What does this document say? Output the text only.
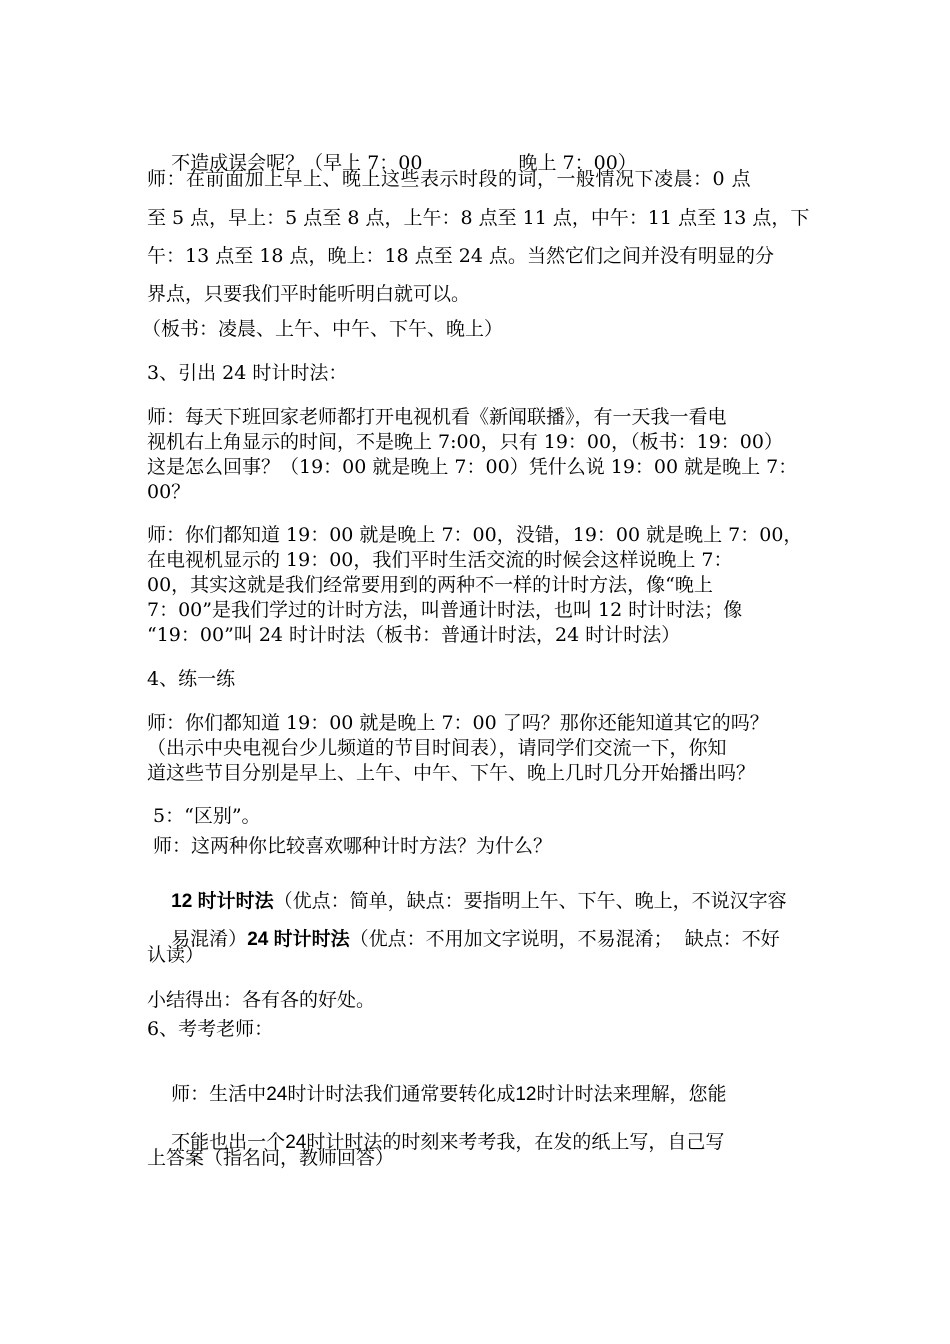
不造成误会呢？（早上 7：00	晚上 7：00）

师：在前面加上早上、晚上这些表示时段的词，一般情况下凌晨：0 点
至 5 点，早上：5 点至 8 点，上午：8 点至 11 点，中午：11 点至 13 点，下
午：13 点至 18 点，晚上：18 点至 24 点。当然它们之间并没有明显的分
界点，只要我们平时能听明白就可以。
（板书：凌晨、上午、中午、下午、晚上）
3、引出 24 时计时法：
师：每天下班回家老师都打开电视机看《新闻联播》，有一天我一看电
视机右上角显示的时间，不是晚上 7:00，只有 19：00，（板书：19：00）
这是怎么回事？（19：00 就是晚上 7：00）凭什么说 19：00 就是晚上 7：
00？
师：你们都知道 19：00 就是晚上 7：00，没错，19：00 就是晚上 7：00，
在电视机显示的 19：00，我们平时生活交流的时候会这样说晚上 7：
00，其实这就是我们经常要用到的两种不一样的计时方法，像“晚上
7：00”是我们学过的计时方法，叫普通计时法，也叫 12 时计时法；像
“19：00”叫 24 时计时法（板书：普通计时法，24 时计时法）
4、练一练
师：你们都知道 19：00 就是晚上 7：00 了吗？那你还能知道其它的吗？
（出示中央电视台少儿频道的节目时间表），请同学们交流一下，你知
道这些节目分别是早上、上午、中午、下午、晚上几时几分开始播出吗？
5：“区别”。
师：这两种你比较喜欢哪种计时方法？为什么？

12 时计时法（优点：简单，缺点：要指明上午、下午、晚上，不说汉字容

易混淆）24 时计时法（优点：不用加文字说明，不易混淆；  缺点：不好

认读）
小结得出：各有各的好处。
6、考考老师：

师：生活中24时计时法我们通常要转化成12时计时法来理解，您能

不能也出一个24时计时法的时刻来考考我，在发的纸上写，自己写

上答案（指名问，教师回答）
